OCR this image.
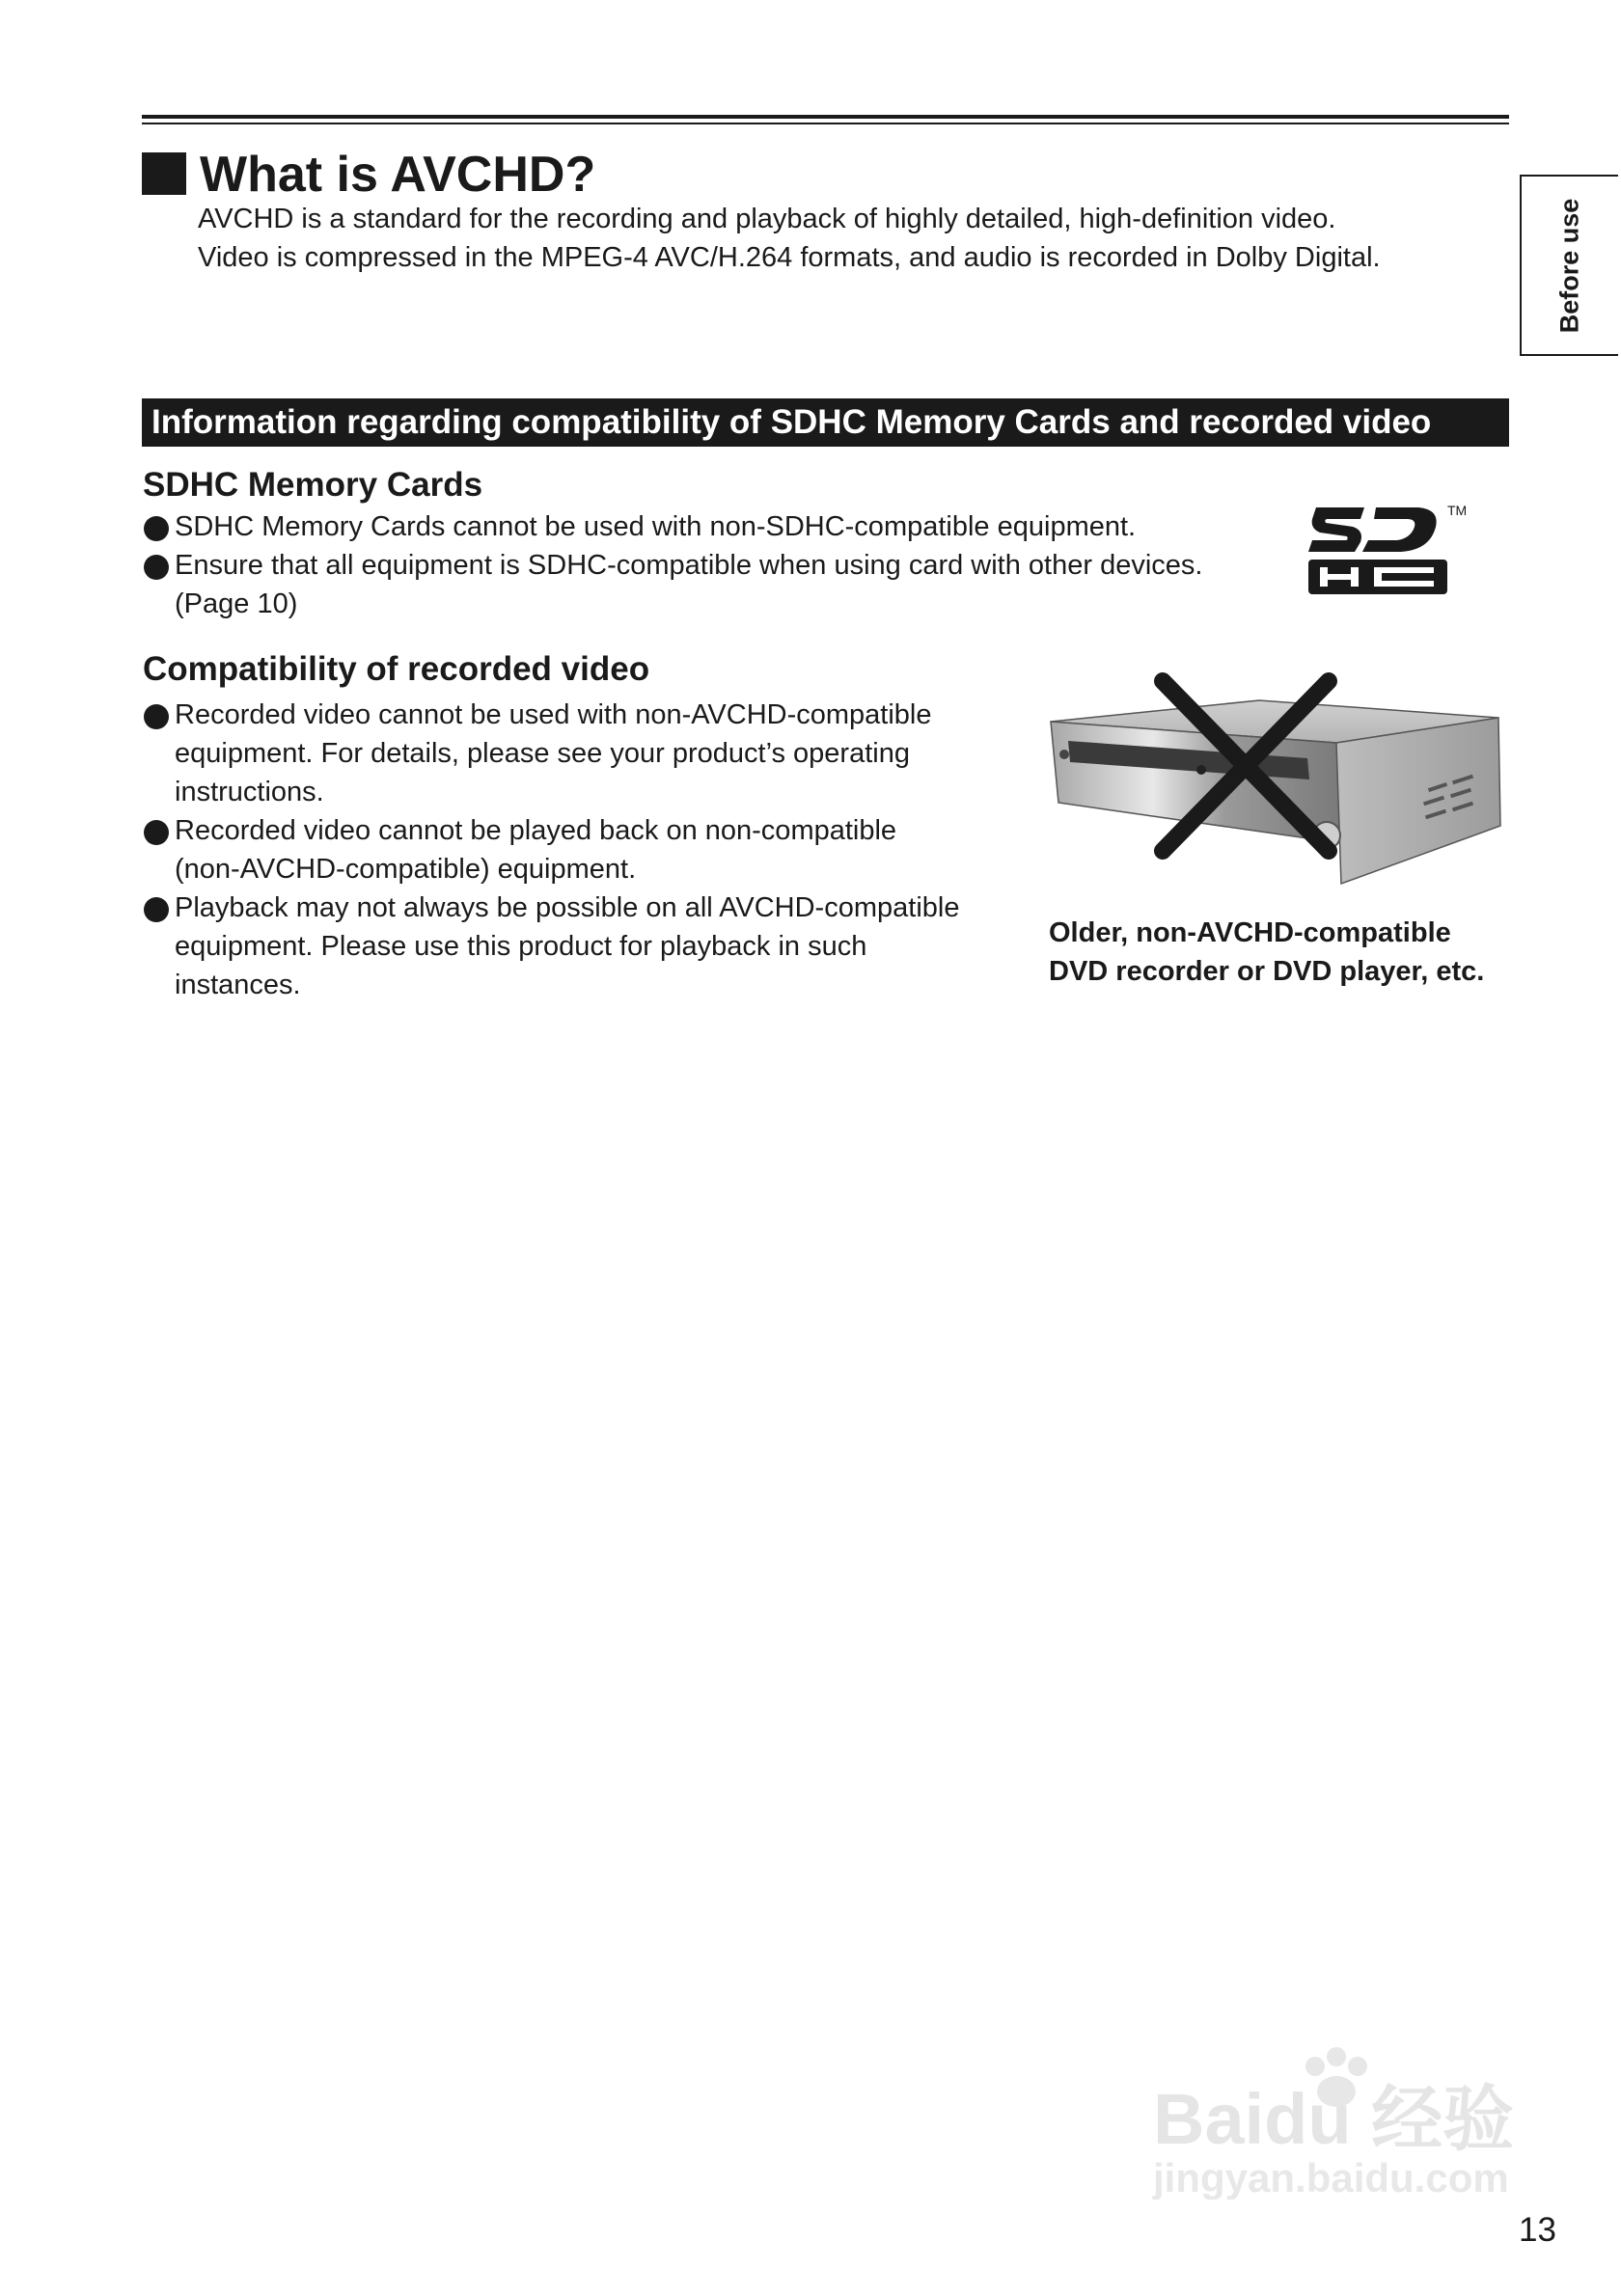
What is AVCHD?

AVCHD is a standard for the recording and playback of highly detailed, high-definition video.

Video is compressed in the MPEG-4 AVC/H.264 formats, and audio is recorded in Dolby Digital.	Before use
Information regarding compatibility of SDHC Memory Cards and recorded video
SDHC Memory Cards
SDHC Memory Cards cannot be used with non-SDHC-compatible equipment.
Ensure that all equipment is SDHC-compatible when using card with other devices.
(Page 10)
TM
Compatibility of recorded video
Recorded video cannot be used with non-AVCHD-compatible
equipment. For details, please see your product’s operating
instructions.
Recorded video cannot be played back on non-compatible
(non-AVCHD-compatible) equipment.
Playback may not always be possible on all AVCHD-compatible
equipment. Please use this product for playback in such
instances.

Older, non-AVCHD-compatible

DVD recorder or DVD player, etc.

Baidu 经验
jingyan.baidu.com
13
